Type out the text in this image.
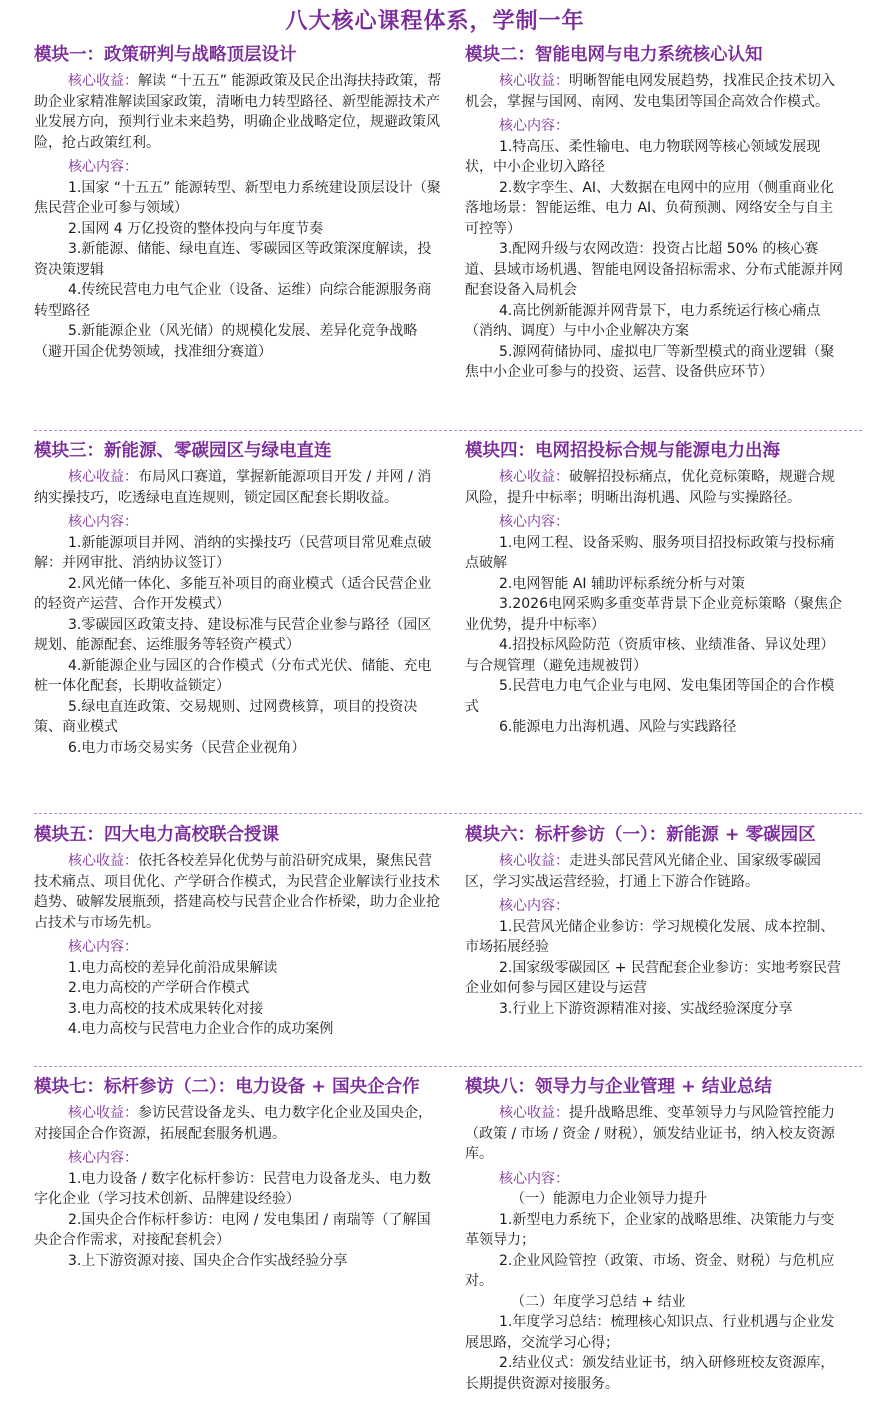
八大核心课程体系，学制一年
模块一：政策研判与战略顶层设计

核心收益：解读 “十五五” 能源政策及民企出海扶持政策，帮助企业家精准解读国家政策，清晰电力转型路径、新型能源技术产业发展方向，预判行业未来趋势，明确企业战略定位，规避政策风险，抢占政策红利。

核心内容：

1.国家 “十五五” 能源转型、新型电力系统建设顶层设计（聚焦民营企业可参与领域）

2.国网 4 万亿投资的整体投向与年度节奏

3.新能源、储能、绿电直连、零碳园区等政策深度解读，投资决策逻辑

4.传统民营电力电气企业（设备、运维）向综合能源服务商转型路径

5.新能源企业（风光储）的规模化发展、差异化竞争战略（避开国企优势领域，找准细分赛道）

模块二：智能电网与电力系统核心认知

核心收益：明晰智能电网发展趋势，找准民企技术切入机会，掌握与国网、南网、发电集团等国企高效合作模式。

核心内容：

1.特高压、柔性输电、电力物联网等核心领域发展现状，中小企业切入路径

2.数字孪生、AI、大数据在电网中的应用（侧重商业化落地场景：智能运维、电力 AI、负荷预测、网络安全与自主可控等）

3.配网升级与农网改造：投资占比超 50% 的核心赛道、县域市场机遇、智能电网设备招标需求、分布式能源并网配套设备入局机会

4.高比例新能源并网背景下，电力系统运行核心痛点（消纳、调度）与中小企业解决方案

5.源网荷储协同、虚拟电厂等新型模式的商业逻辑（聚焦中小企业可参与的投资、运营、设备供应环节）

模块三：新能源、零碳园区与绿电直连

核心收益：布局风口赛道，掌握新能源项目开发 / 并网 / 消纳实操技巧，吃透绿电直连规则，锁定园区配套长期收益。

核心内容：

1.新能源项目并网、消纳的实操技巧（民营项目常见难点破解：并网审批、消纳协议签订）

2.风光储一体化、多能互补项目的商业模式（适合民营企业的轻资产运营、合作开发模式）

3.零碳园区政策支持、建设标准与民营企业参与路径（园区规划、能源配套、运维服务等轻资产模式）

4.新能源企业与园区的合作模式（分布式光伏、储能、充电桩一体化配套，长期收益锁定）

5.绿电直连政策、交易规则、过网费核算，项目的投资决策、商业模式

6.电力市场交易实务（民营企业视角）

模块四：电网招投标合规与能源电力出海

核心收益：破解招投标痛点，优化竞标策略，规避合规风险，提升中标率；明晰出海机遇、风险与实操路径。

核心内容：

1.电网工程、设备采购、服务项目招投标政策与投标痛点破解

2.电网智能 AI 辅助评标系统分析与对策

3.2026电网采购多重变革背景下企业竞标策略（聚焦企业优势，提升中标率）

4.招投标风险防范（资质审核、业绩准备、异议处理）与合规管理（避免违规被罚）

5.民营电力电气企业与电网、发电集团等国企的合作模式

6.能源电力出海机遇、风险与实践路径

模块五：四大电力高校联合授课

核心收益：依托各校差异化优势与前沿研究成果，聚焦民营技术痛点、项目优化、产学研合作模式，为民营企业解读行业技术趋势、破解发展瓶颈，搭建高校与民营企业合作桥梁，助力企业抢占技术与市场先机。

核心内容：

1.电力高校的差异化前沿成果解读

2.电力高校的产学研合作模式

3.电力高校的技术成果转化对接

4.电力高校与民营电力企业合作的成功案例

模块六：标杆参访（一）：新能源 + 零碳园区

核心收益：走进头部民营风光储企业、国家级零碳园区，学习实战运营经验，打通上下游合作链路。

核心内容：

1.民营风光储企业参访：学习规模化发展、成本控制、市场拓展经验

2.国家级零碳园区 + 民营配套企业参访：实地考察民营企业如何参与园区建设与运营

3.行业上下游资源精准对接、实战经验深度分享

模块七：标杆参访（二）：电力设备 + 国央企合作

核心收益：参访民营设备龙头、电力数字化企业及国央企，对接国企合作资源，拓展配套服务机遇。

核心内容：

1.电力设备 / 数字化标杆参访：民营电力设备龙头、电力数字化企业（学习技术创新、品牌建设经验）

2.国央企合作标杆参访：电网 / 发电集团 / 南瑞等（了解国央企合作需求，对接配套机会）

3.上下游资源对接、国央企合作实战经验分享

模块八：领导力与企业管理 + 结业总结

核心收益：提升战略思维、变革领导力与风险管控能力（政策 / 市场 / 资金 / 财税），颁发结业证书，纳入校友资源库。

核心内容：
（一）能源电力企业领导力提升

1.新型电力系统下，企业家的战略思维、决策能力与变革领导力；

2.企业风险管控（政策、市场、资金、财税）与危机应对。

（二）年度学习总结 + 结业

1.年度学习总结：梳理核心知识点、行业机遇与企业发展思路，交流学习心得；

2.结业仪式：颁发结业证书，纳入研修班校友资源库，长期提供资源对接服务。
